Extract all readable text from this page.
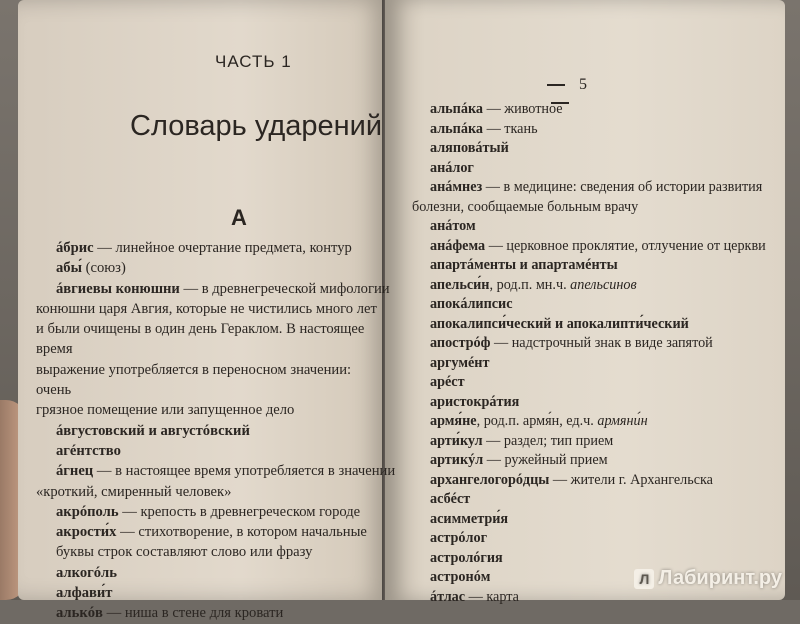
ЧАСТЬ 1
Словарь ударений
А

áбрис — линейное очертание предмета, контур

абы́ (союз)

áвгиевы конюшни — в древнегреческой мифологии

конюшни царя Авгия, которые не чистились много лет

и были очищены в один день Гераклом. В настоящее время

выражение употребляется в переносном значении: очень

грязное помещение или запущенное дело

áвгустовский и августóвский

агéнтство

áгнец — в настоящее время употребляется в значении

«кроткий, смиренный человек»

акрóполь — крепость в древнегреческом городе

акрости́х — стихотворение, в котором начальные

буквы строк составляют слово или фразу

алкогóль

алфави́т

алькóв — ниша в стене для кровати

5

альпáка — животное

альпáка — ткань

аляповáтый

анáлог

анáмнез — в медицине: сведения об истории развития

болезни, сообщаемые больным врачу

анáтом

анáфема — церковное проклятие, отлучение от церкви

апартáменты и апартамéнты

апельси́н, род.п. мн.ч. апельсинов

апокáлипсис

апокалипси́ческий и апокалипти́ческий

апострóф — надстрочный знак в виде запятой

аргумéнт

арéст

аристокрáтия

армя́не, род.п. армя́н, ед.ч. армяни́н

арти́кул — раздел; тип прием

артикýл — ружейный прием

архангелогорóдцы — жители г. Архангельска

асбéст

асимметри́я

астрóлог

астролóгия

астронóм

áтлас — карта

Л Лабиринт.ру
